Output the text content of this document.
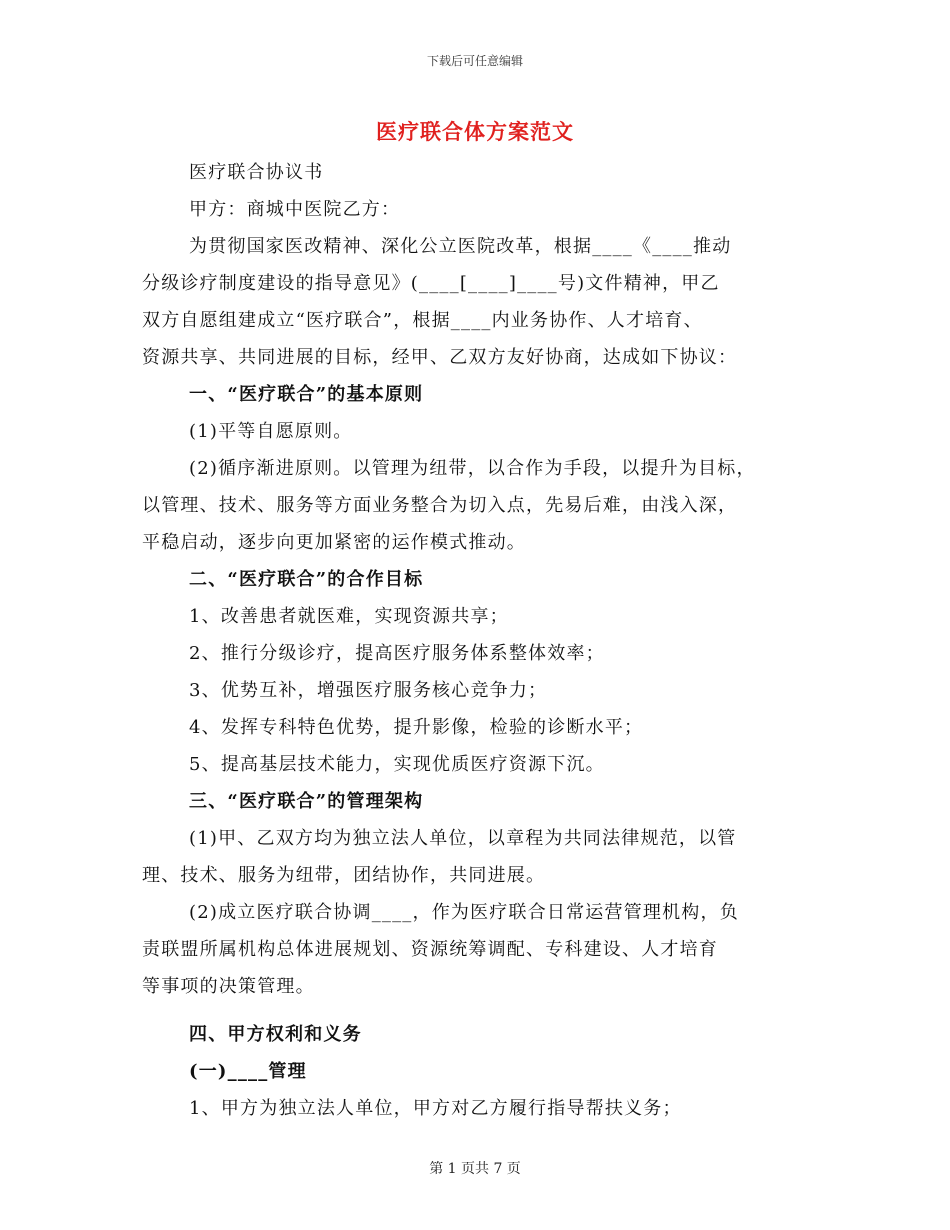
下载后可任意编辑
医疗联合体方案范文
医疗联合协议书
甲方：商城中医院乙方：
为贯彻国家医改精神、深化公立医院改革，根据____《____推动
分级诊疗制度建设的指导意见》(____[____]____号)文件精神，甲乙
双方自愿组建成立“医疗联合”，根据____内业务协作、人才培育、
资源共享、共同进展的目标，经甲、乙双方友好协商，达成如下协议：
一、“医疗联合”的基本原则
(1)平等自愿原则。
(2)循序渐进原则。以管理为纽带，以合作为手段，以提升为目标，
以管理、技术、服务等方面业务整合为切入点，先易后难，由浅入深，
平稳启动，逐步向更加紧密的运作模式推动。
二、“医疗联合”的合作目标
1、改善患者就医难，实现资源共享；
2、推行分级诊疗，提高医疗服务体系整体效率；
3、优势互补，增强医疗服务核心竞争力；
4、发挥专科特色优势，提升影像，检验的诊断水平；
5、提高基层技术能力，实现优质医疗资源下沉。
三、“医疗联合”的管理架构
(1)甲、乙双方均为独立法人单位，以章程为共同法律规范，以管
理、技术、服务为纽带，团结协作，共同进展。
(2)成立医疗联合协调____，作为医疗联合日常运营管理机构，负
责联盟所属机构总体进展规划、资源统筹调配、专科建设、人才培育
等事项的决策管理。
四、甲方权利和义务
(一)____管理
1、甲方为独立法人单位，甲方对乙方履行指导帮扶义务；
第 1 页共 7 页
